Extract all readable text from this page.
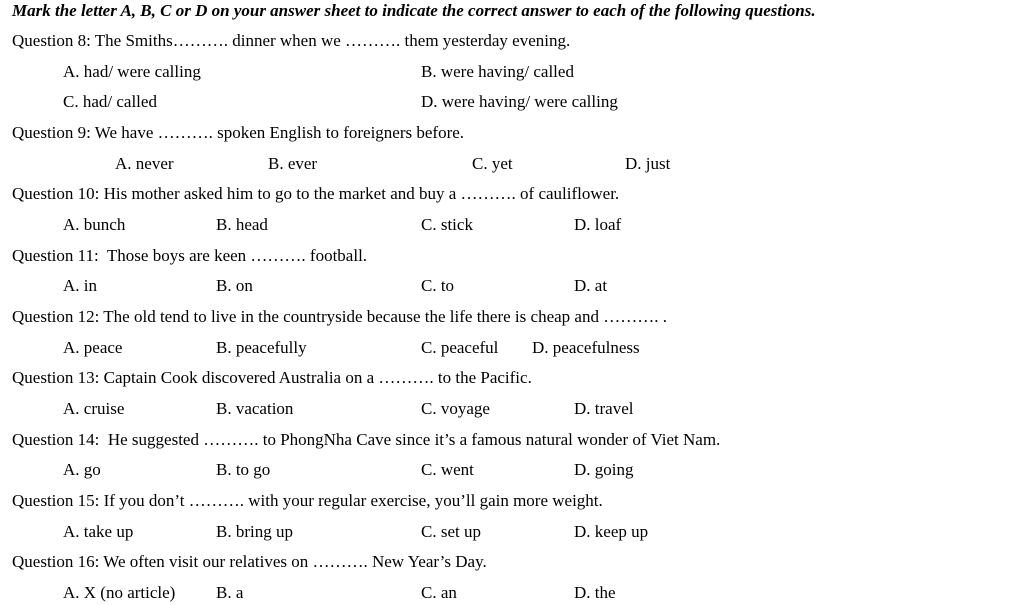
Mark the letter A, B, C or D on your answer sheet to indicate the correct answer to each of the following questions.
Question 8: The Smiths………. dinner when we ………. them yesterday evening.
A. had/ were calling	B. were having/ called
C. had/ called	D. were having/ were calling
Question 9: We have ………. spoken English to foreigners before.
A. never	B. ever	C. yet	D. just
Question 10: His mother asked him to go to the market and buy a ………. of cauliflower.
A. bunch	B. head	C. stick	D. loaf
Question 11:  Those boys are keen ………. football.
A. in	B. on	C. to	D. at
Question 12: The old tend to live in the countryside because the life there is cheap and ………. .
A. peace	B. peacefully	C. peaceful D. peacefulness
Question 13: Captain Cook discovered Australia on a ………. to the Pacific.
A. cruise	B. vacation	C. voyage	D. travel
Question 14:  He suggested ………. to PhongNha Cave since it’s a famous natural wonder of Viet Nam.
A. go	B. to go	C. went	D. going
Question 15: If you don’t ………. with your regular exercise, you’ll gain more weight.
A. take up	B. bring up	C. set up	D. keep up
Question 16: We often visit our relatives on ………. New Year’s Day.
A. X (no article) B. a	C. an	D. the
